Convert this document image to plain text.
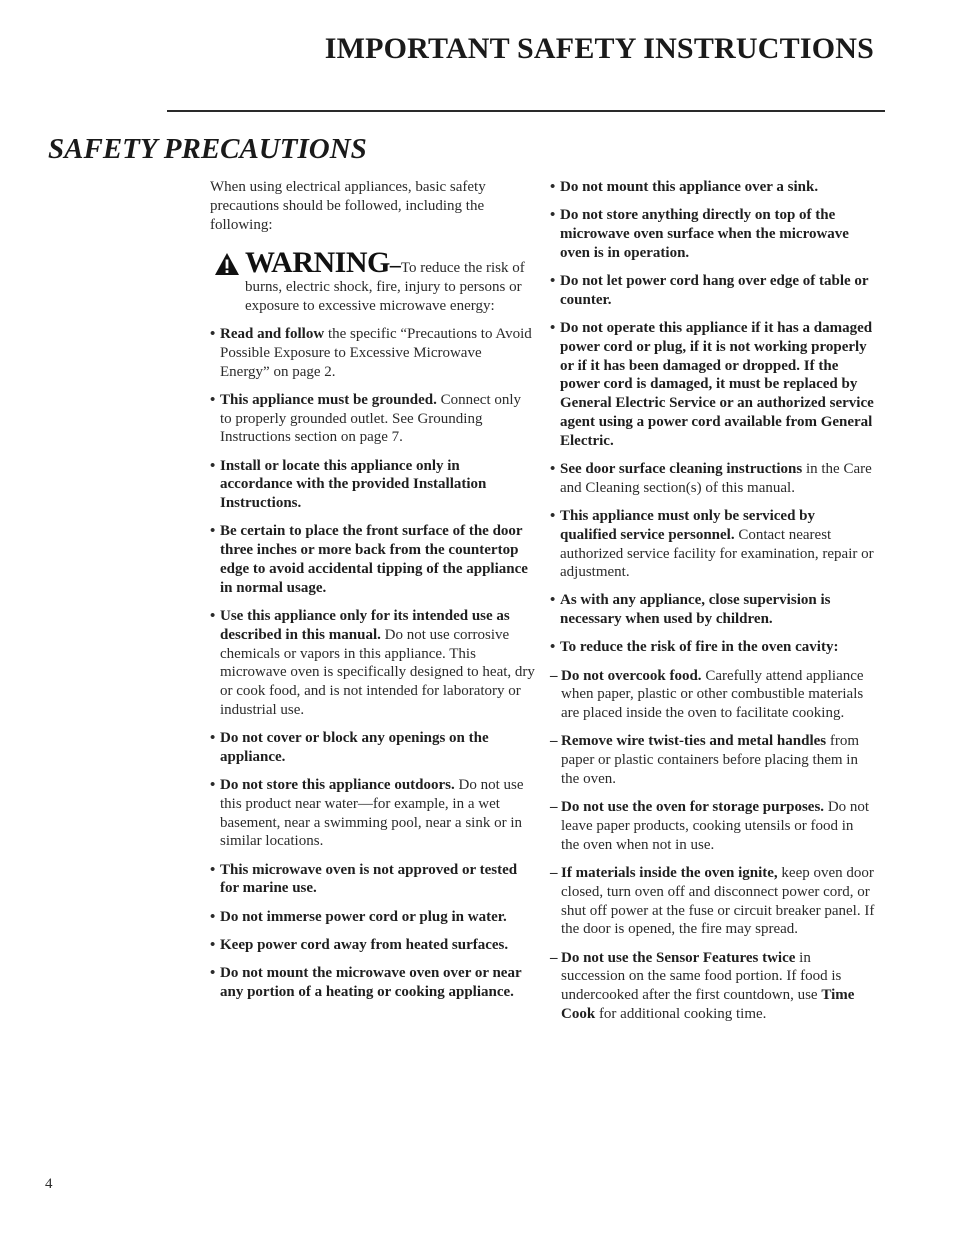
IMPORTANT SAFETY INSTRUCTIONS
SAFETY PRECAUTIONS

When using electrical appliances, basic safety precautions should be followed, including the following:

WARNING–To reduce the risk of burns, electric shock, fire, injury to persons or exposure to excessive microwave energy:
• Read and follow the specific “Precautions to Avoid Possible Exposure to Excessive Microwave Energy” on page 2.
• This appliance must be grounded. Connect only to properly grounded outlet. See Grounding Instructions section on page 7.
• Install or locate this appliance only in accordance with the provided Installation Instructions.
• Be certain to place the front surface of the door three inches or more back from the countertop edge to avoid accidental tipping of the appliance in normal usage.
• Use this appliance only for its intended use as described in this manual. Do not use corrosive chemicals or vapors in this appliance. This microwave oven is specifically designed to heat, dry or cook food, and is not intended for laboratory or industrial use.
• Do not cover or block any openings on the appliance.
• Do not store this appliance outdoors. Do not use this product near water—for example, in a wet basement, near a swimming pool, near a sink or in similar locations.
• This microwave oven is not approved or tested for marine use.
• Do not immerse power cord or plug in water.
• Keep power cord away from heated surfaces.
• Do not mount the microwave oven over or near any portion of a heating or cooking appliance.
• Do not mount this appliance over a sink.
• Do not store anything directly on top of the microwave oven surface when the microwave oven is in operation.
• Do not let power cord hang over edge of table or counter.
• Do not operate this appliance if it has a damaged power cord or plug, if it is not working properly or if it has been damaged or dropped. If the power cord is damaged, it must be replaced by General Electric Service or an authorized service agent using a power cord available from General Electric.
• See door surface cleaning instructions in the Care and Cleaning section(s) of this manual.
• This appliance must only be serviced by qualified service personnel. Contact nearest authorized service facility for examination, repair or adjustment.
• As with any appliance, close supervision is necessary when used by children.
• To reduce the risk of fire in the oven cavity:
– Do not overcook food. Carefully attend appliance when paper, plastic or other combustible materials are placed inside the oven to facilitate cooking.
– Remove wire twist-ties and metal handles from paper or plastic containers before placing them in the oven.
– Do not use the oven for storage purposes. Do not leave paper products, cooking utensils or food in the oven when not in use.
– If materials inside the oven ignite, keep oven door closed, turn oven off and disconnect power cord, or shut off power at the fuse or circuit breaker panel. If the door is opened, the fire may spread.
– Do not use the Sensor Features twice in succession on the same food portion. If food is undercooked after the first countdown, use Time Cook for additional cooking time.
4
